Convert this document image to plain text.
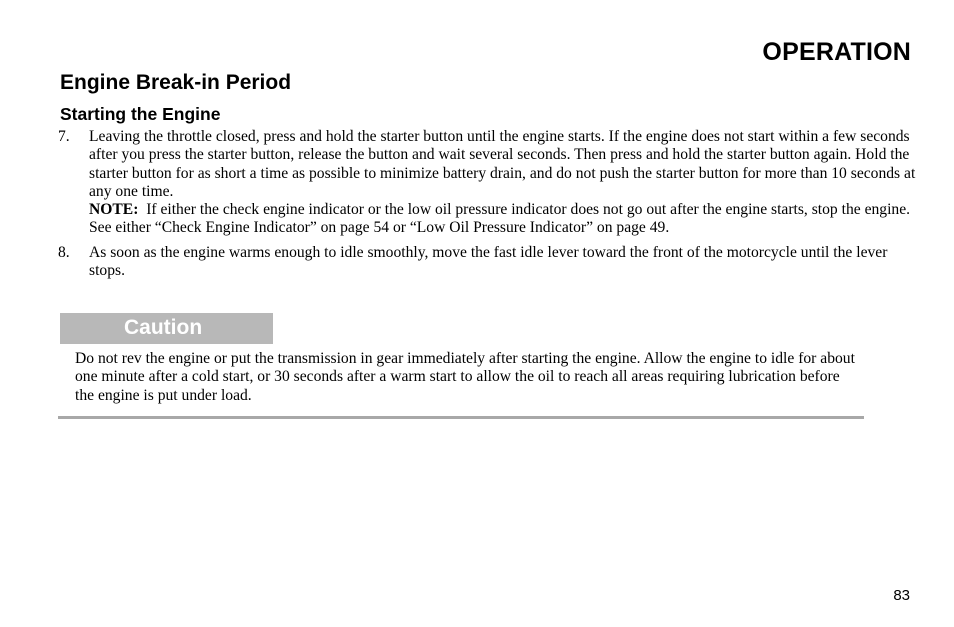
OPERATION
Engine Break-in Period
Starting the Engine
7. Leaving the throttle closed, press and hold the starter button until the engine starts. If the engine does not start within a few seconds after you press the starter button, release the button and wait several seconds. Then press and hold the starter button again. Hold the starter button for as short a time as possible to minimize battery drain, and do not push the starter button for more than 10 seconds at any one time.
NOTE: If either the check engine indicator or the low oil pressure indicator does not go out after the engine starts, stop the engine. See either “Check Engine Indicator” on page 54 or “Low Oil Pressure Indicator” on page 49.
8. As soon as the engine warms enough to idle smoothly, move the fast idle lever toward the front of the motorcycle until the lever stops.
Caution
Do not rev the engine or put the transmission in gear immediately after starting the engine. Allow the engine to idle for about one minute after a cold start, or 30 seconds after a warm start to allow the oil to reach all areas requiring lubrication before the engine is put under load.
83
